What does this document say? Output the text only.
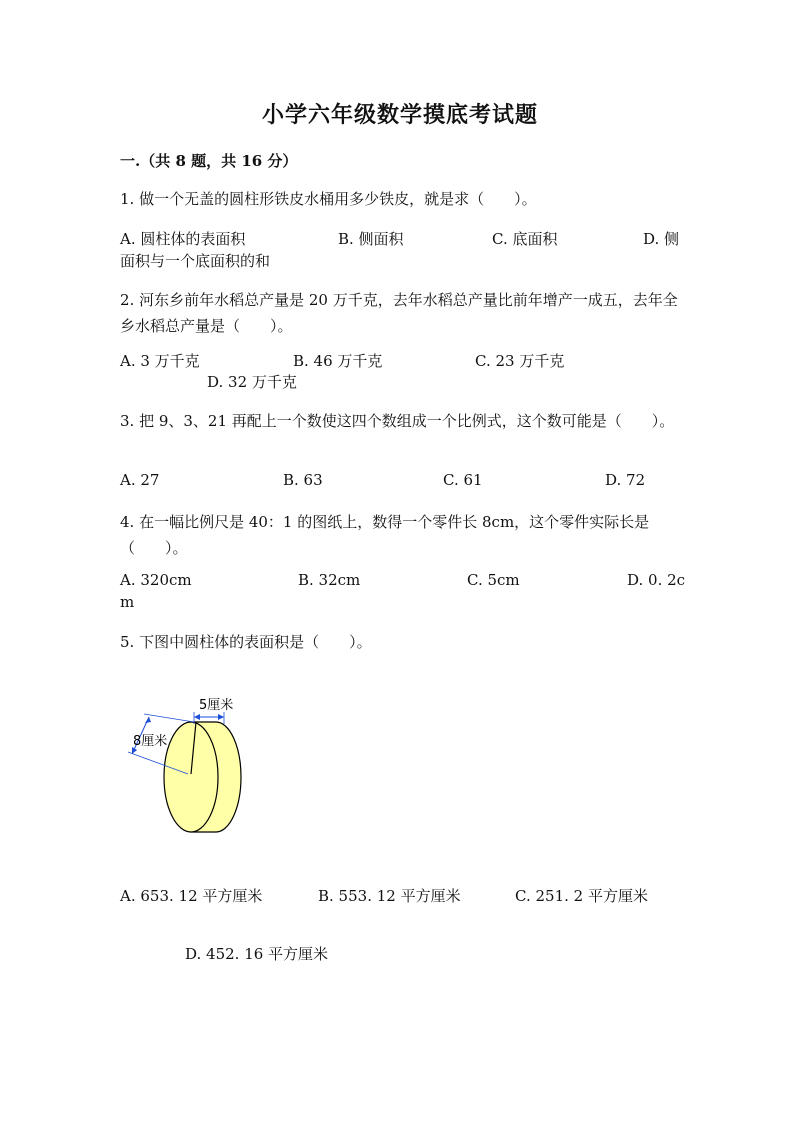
小学六年级数学摸底考试题
一.（共 8 题，共 16 分）
1. 做一个无盖的圆柱形铁皮水桶用多少铁皮，就是求（　　）。
A. 圆柱体的表面积	B. 侧面积	C. 底面积	D. 侧
面积与一个底面积的和
2. 河东乡前年水稻总产量是 20 万千克，去年水稻总产量比前年增产一成五，去年全乡水稻总产量是（　　）。
A. 3 万千克	B. 46 万千克	C. 23 万千克
D. 32 万千克
3. 把 9、3、21 再配上一个数使这四个数组成一个比例式，这个数可能是（　　）。
A. 27	B. 63	C. 61	D. 72
4. 在一幅比例尺是 40：1 的图纸上，数得一个零件长 8cm，这个零件实际长是（　　）。
A. 320cm	B. 32cm	C. 5cm	D. 0. 2c
m
5. 下图中圆柱体的表面积是（　　）。
8厘米
5厘米
A. 653. 12 平方厘米	B. 553. 12 平方厘米	C. 251. 2 平方厘米
D. 452. 16 平方厘米
